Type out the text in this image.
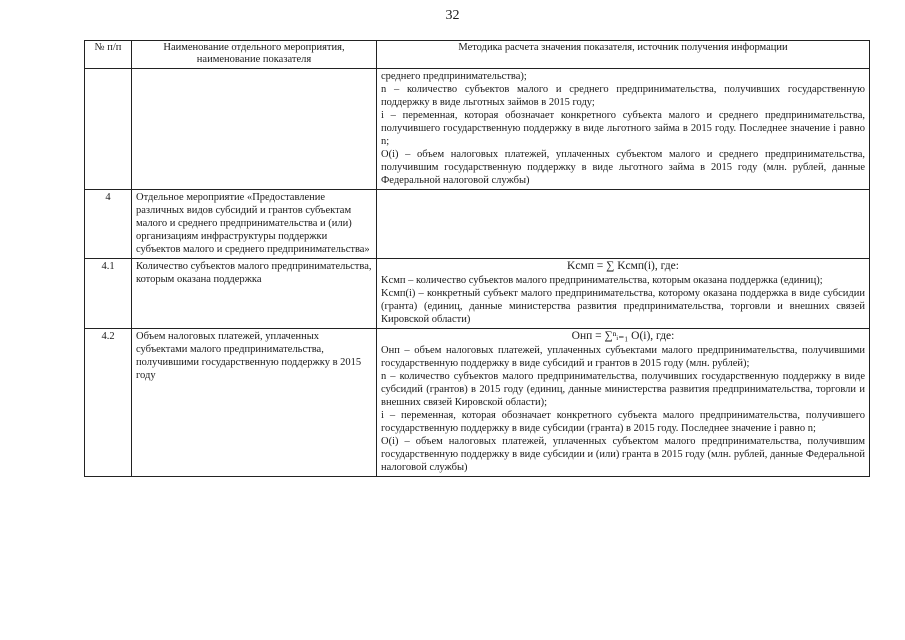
32
№ п/п	Наименование отдельного мероприятия, наименование показателя	Методика расчета значения показателя, источник получения информации

		среднего предпринимательства);

n – количество субъектов малого и среднего предпринимательства, получивших государственную поддержку в виде льготных займов в 2015 году;

i – переменная, которая обозначает конкретного субъекта малого и среднего предпринимательства, получившего государственную поддержку в виде льготного займа в 2015 году. Последнее значение i равно n;

O(i) – объем налоговых платежей, уплаченных субъектом малого и среднего предпринимательства, получившим государственную поддержку в виде льготного займа в 2015 году (млн. рублей, данные Федеральной налоговой службы)

4	Отдельное мероприятие «Предоставление различных видов субсидий и грантов субъектам малого и среднего предпринимательства и (или) организациям инфраструктуры поддержки субъектов малого и среднего предпринимательства»	
4.1	Количество субъектов малого предпринимательства, которым оказана поддержка	Kсмп = ∑ Kсмп(i), где:

Kсмп – количество субъектов малого предпринимательства, которым оказана поддержка (единиц);

Kсмп(i) – конкретный субъект малого предпринимательства, которому оказана поддержка в виде субсидии (гранта) (единиц, данные министерства развития предпринимательства, торговли и внешних связей Кировской области)

4.2	Объем налоговых платежей, уплаченных субъектами малого предпринимательства, получившими государственную поддержку в 2015 году	Oнп = ∑ⁿᵢ₌₁ O(i), где:

Oнп – объем налоговых платежей, уплаченных субъектами малого предпринимательства, получившими государственную поддержку в виде субсидий и грантов в 2015 году (млн. рублей);

n – количество субъектов малого предпринимательства, получивших государственную поддержку в виде субсидий (грантов) в 2015 году (единиц, данные министерства развития предпринимательства, торговли и внешних связей Кировской области);

i – переменная, которая обозначает конкретного субъекта малого предпринимательства, получившего государственную поддержку в виде субсидии (гранта) в 2015 году. Последнее значение i равно n;

O(i) – объем налоговых платежей, уплаченных субъектом малого предпринимательства, получившим государственную поддержку в виде субсидии и (или) гранта в 2015 году (млн. рублей, данные Федеральной налоговой службы)
